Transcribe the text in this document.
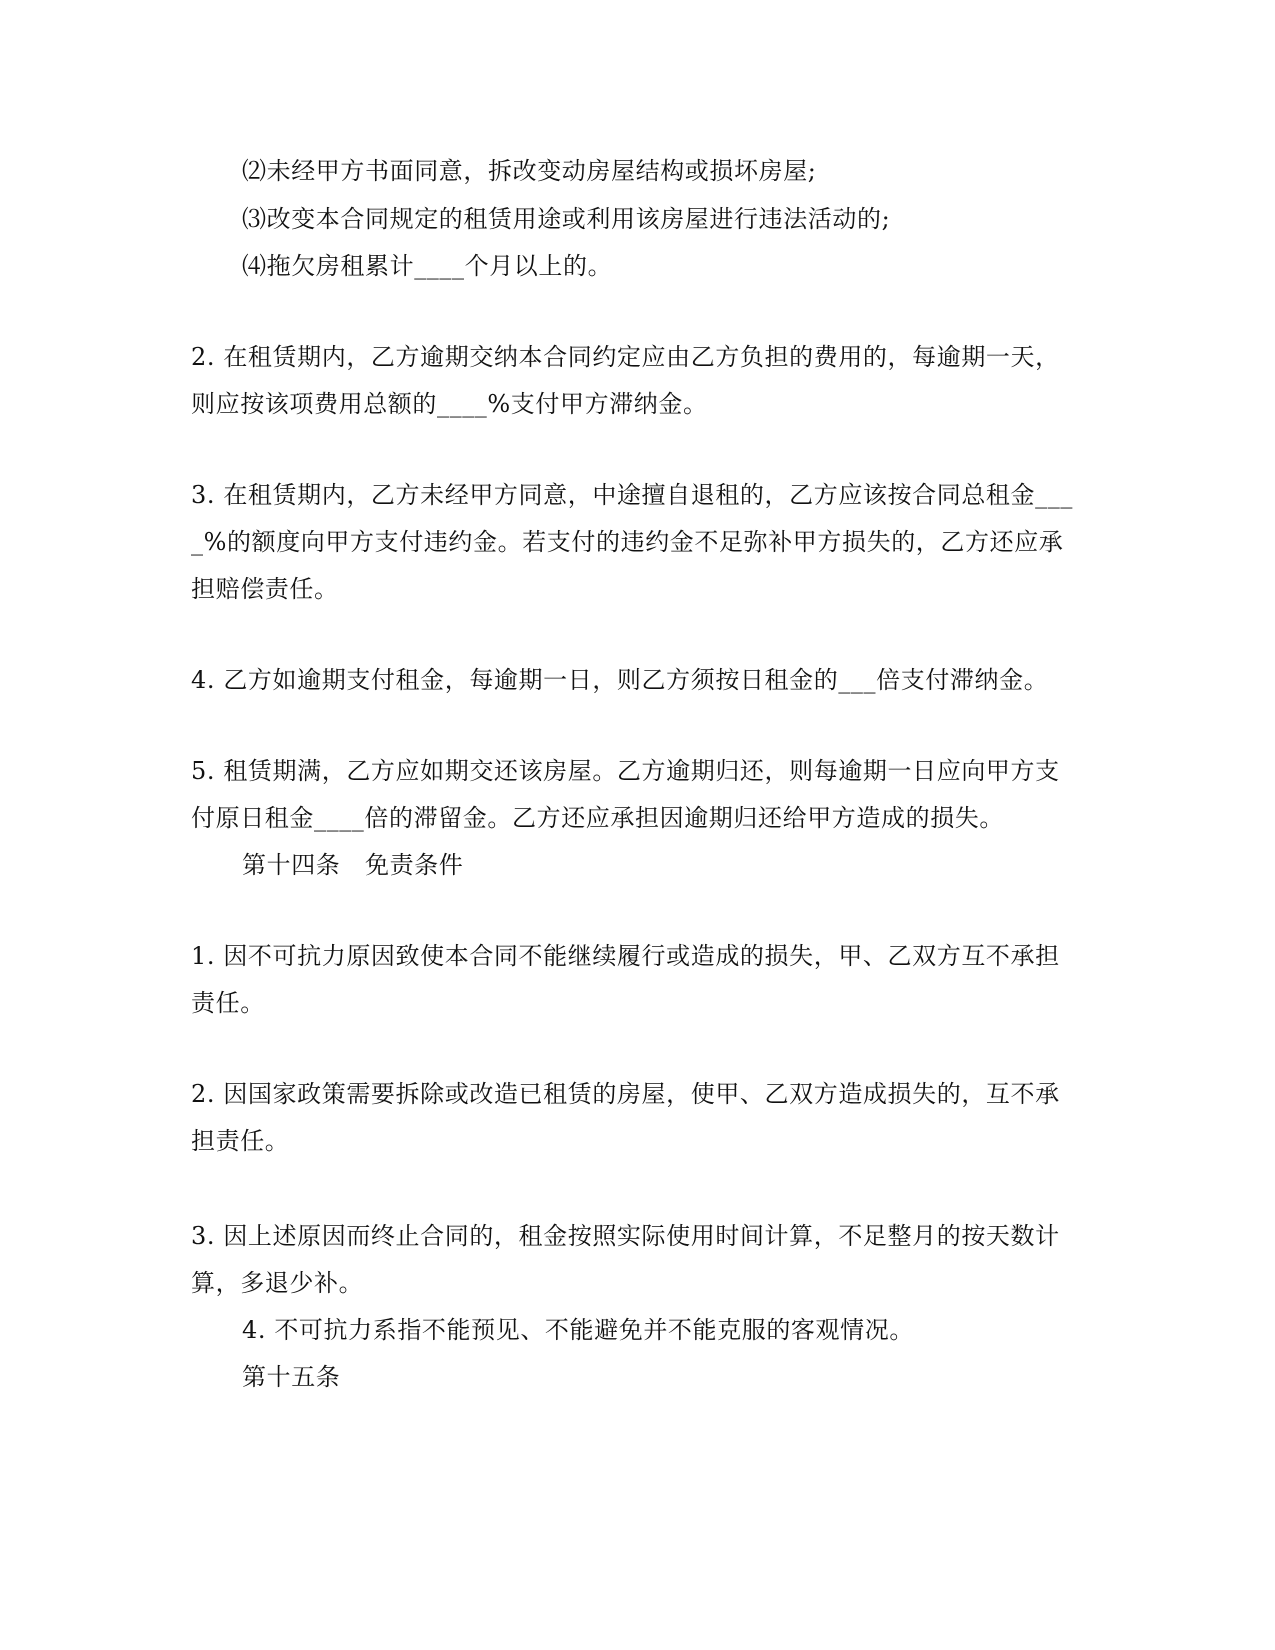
⑵未经甲方书面同意，拆改变动房屋结构或损坏房屋;
⑶改变本合同规定的租赁用途或利用该房屋进行违法活动的;
⑷拖欠房租累计____个月以上的。
2. 在租赁期内，乙方逾期交纳本合同约定应由乙方负担的费用的，每逾期一天，
则应按该项费用总额的____%支付甲方滞纳金。
3. 在租赁期内，乙方未经甲方同意，中途擅自退租的，乙方应该按合同总租金___
_%的额度向甲方支付违约金。若支付的违约金不足弥补甲方损失的，乙方还应承
担赔偿责任。
4. 乙方如逾期支付租金，每逾期一日，则乙方须按日租金的___倍支付滞纳金。
5. 租赁期满，乙方应如期交还该房屋。乙方逾期归还，则每逾期一日应向甲方支
付原日租金____倍的滞留金。乙方还应承担因逾期归还给甲方造成的损失。
第十四条　免责条件
1. 因不可抗力原因致使本合同不能继续履行或造成的损失，甲、乙双方互不承担
责任。
2. 因国家政策需要拆除或改造已租赁的房屋，使甲、乙双方造成损失的，互不承
担责任。
3. 因上述原因而终止合同的，租金按照实际使用时间计算，不足整月的按天数计
算，多退少补。
4. 不可抗力系指不能预见、不能避免并不能克服的客观情况。
第十五条
